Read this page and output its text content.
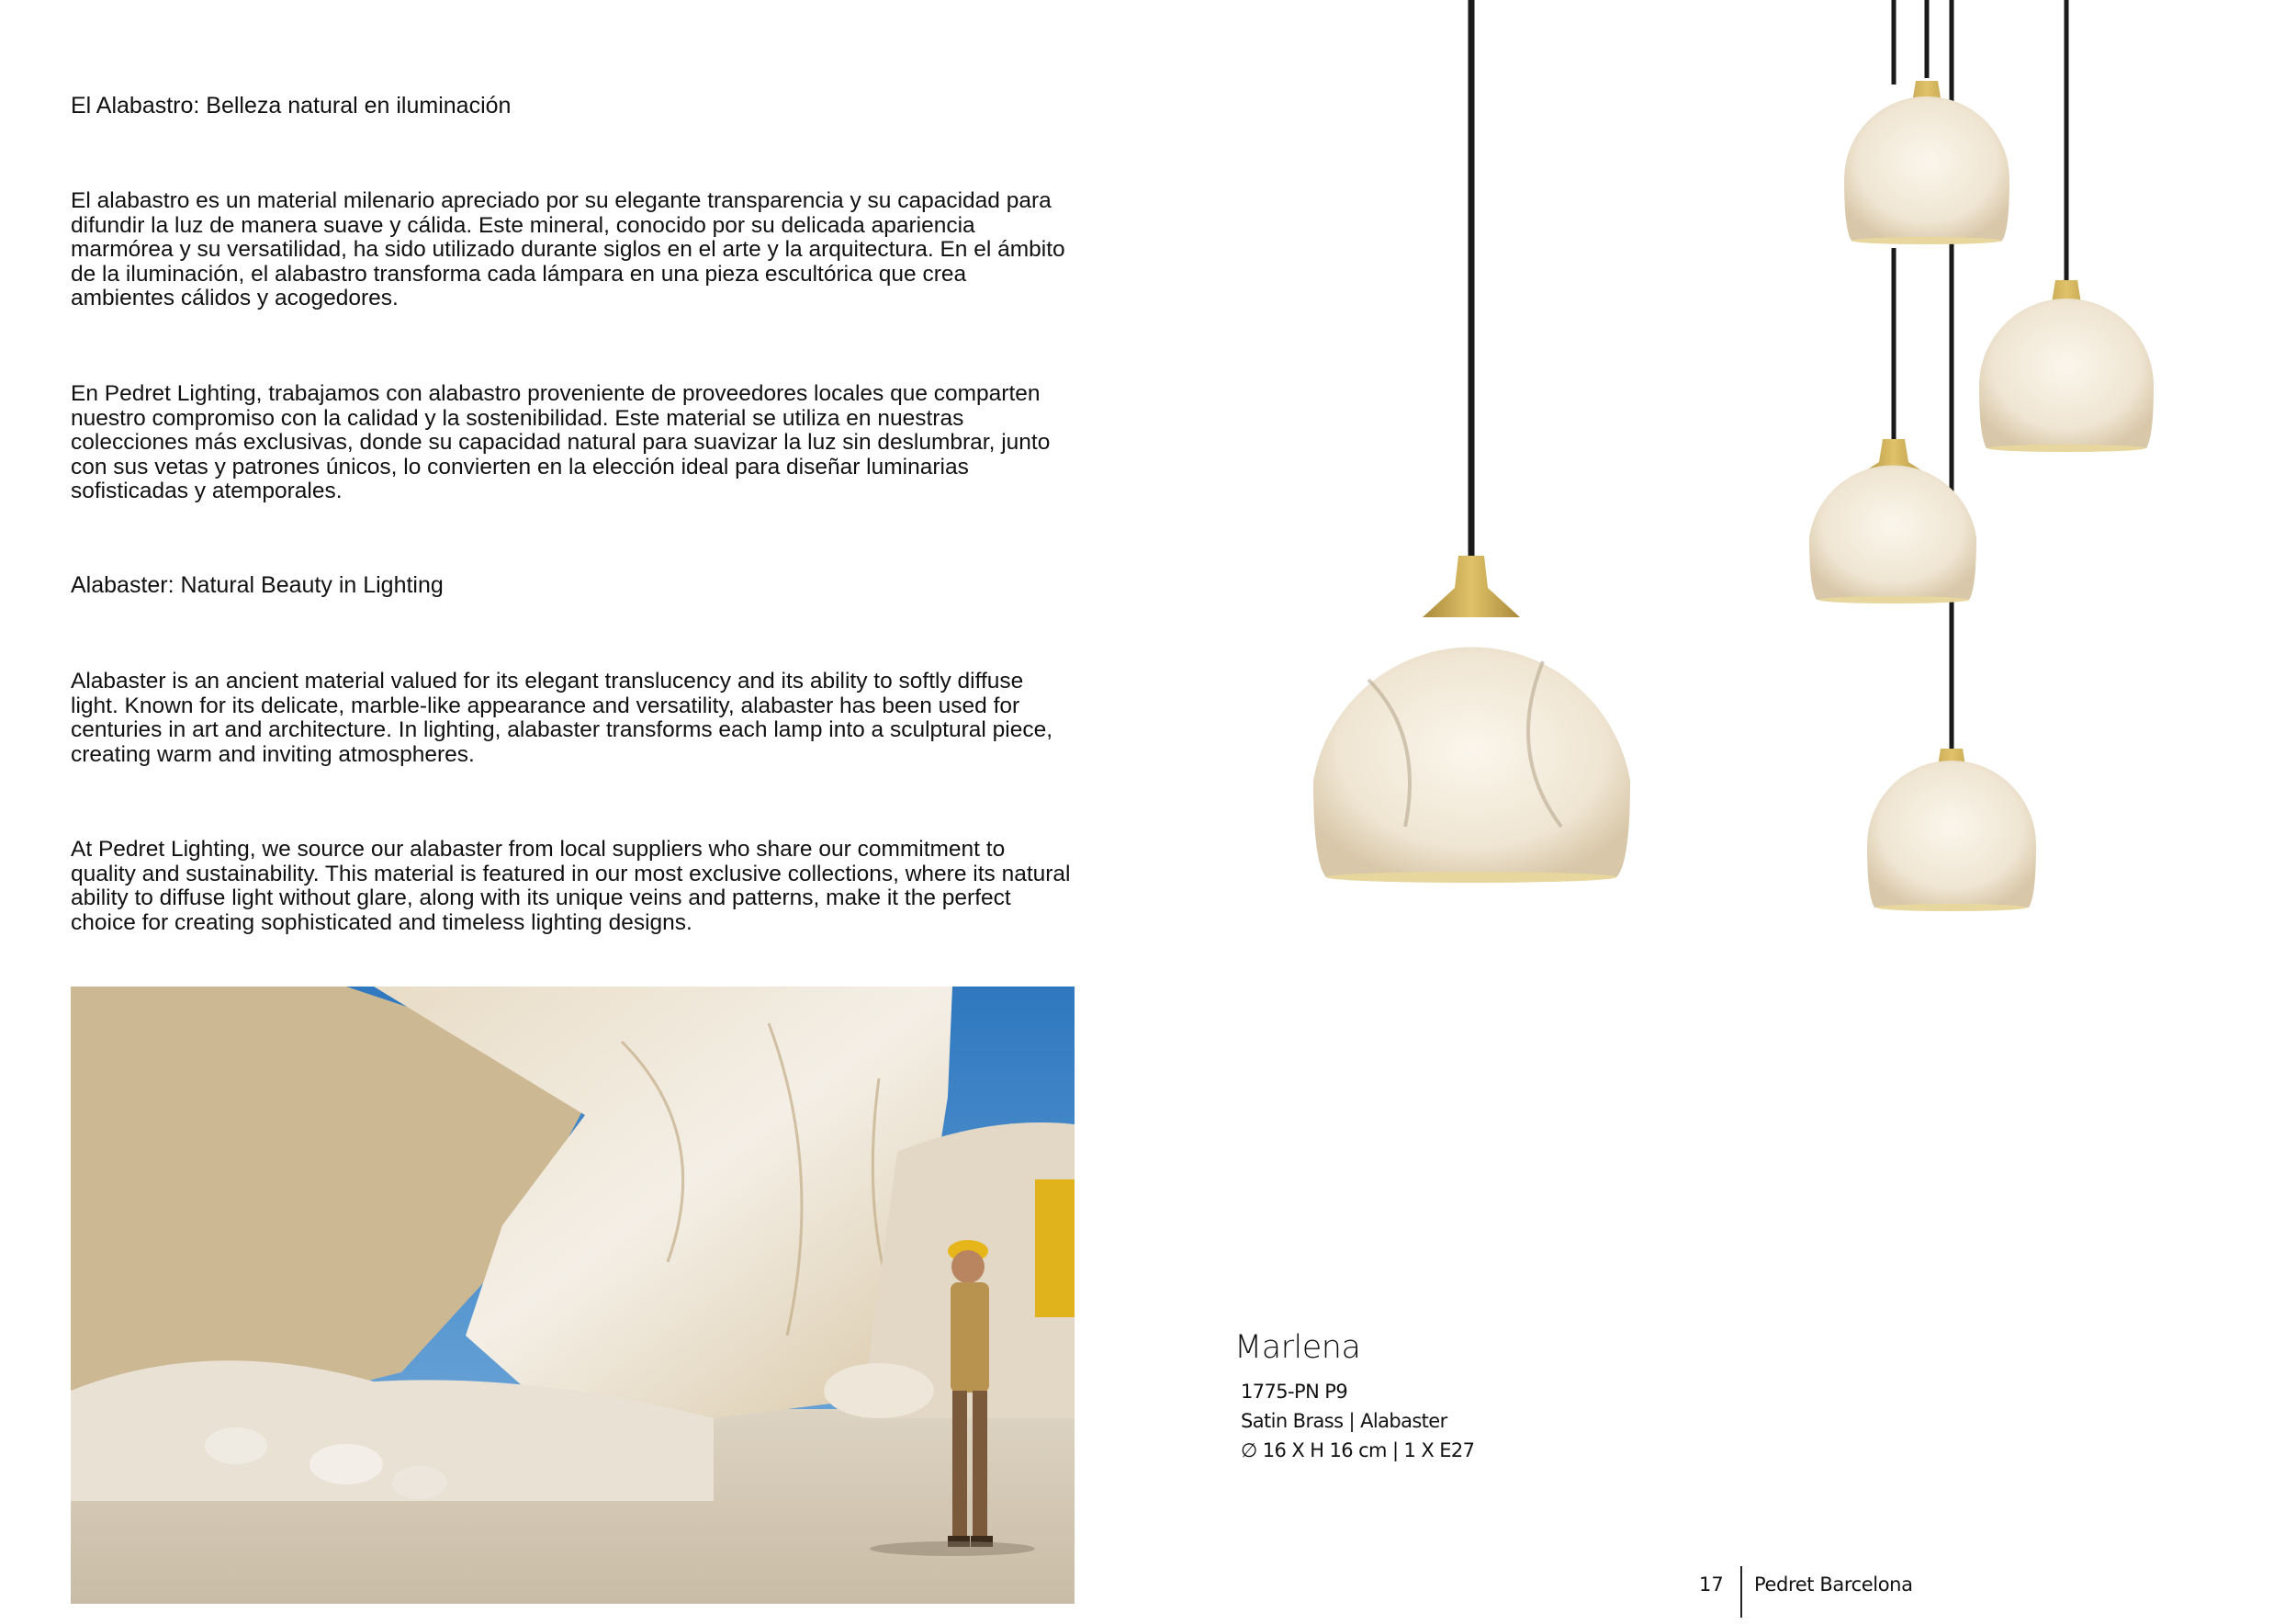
El Alabastro: Belleza natural en iluminación

El alabastro es un material milenario apreciado por su elegante transparencia y su capacidad para difundir la luz de manera suave y cálida. Este mineral, conocido por su delicada apariencia marmórea y su versatilidad, ha sido utilizado durante siglos en el arte y la arquitectura. En el ámbito de la iluminación, el alabastro transforma cada lámpara en una pieza escultórica que crea ambientes cálidos y acogedores.

En Pedret Lighting, trabajamos con alabastro proveniente de proveedores locales que comparten nuestro compromiso con la calidad y la sostenibilidad. Este material se utiliza en nuestras colecciones más exclusivas, donde su capacidad natural para suavizar la luz sin deslumbrar, junto con sus vetas y patrones únicos, lo convierten en la elección ideal para diseñar luminarias sofisticadas y atemporales.

Alabaster: Natural Beauty in Lighting

Alabaster is an ancient material valued for its elegant translucency and its ability to softly diffuse light. Known for its delicate, marble-like appearance and versatility, alabaster has been used for centuries in art and architecture. In lighting, alabaster transforms each lamp into a sculptural piece, creating warm and inviting atmospheres.

At Pedret Lighting, we source our alabaster from local suppliers who share our commitment to quality and sustainability. This material is featured in our most exclusive collections, where its natural ability to diffuse light without glare, along with its unique veins and patterns, make it the perfect choice for creating sophisticated and timeless lighting designs.

Marlena
1775-PN P9
Satin Brass | Alabaster
∅ 16 X H 16 cm | 1 X E27
17 Pedret Barcelona
